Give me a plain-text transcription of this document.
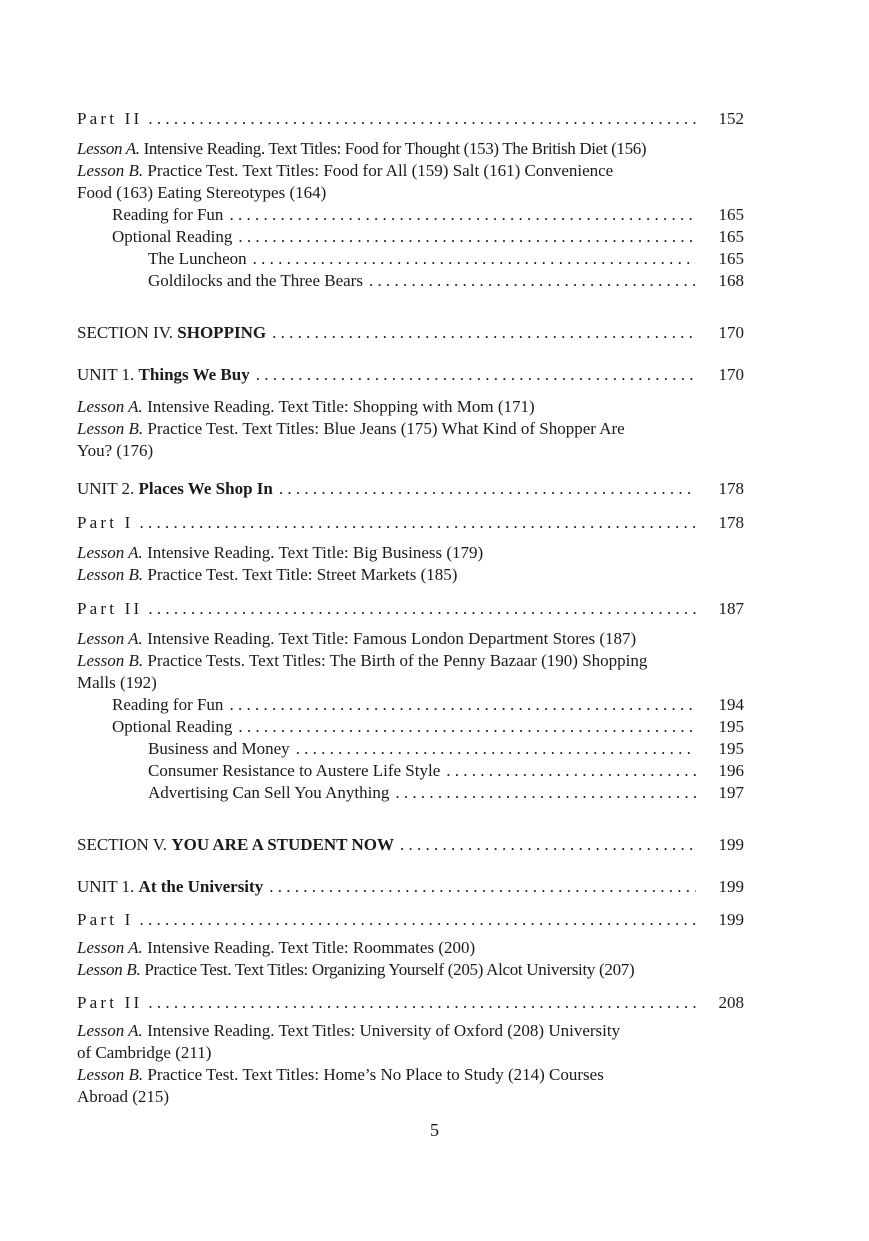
Part II . . .	152

Lesson A. Intensive Reading. Text Titles: Food for Thought (153) The British Diet (156)

Lesson B. Practice Test. Text Titles: Food for All (159) Salt (161) Convenience

Food (163) Eating Stereotypes (164)

Reading for Fun . . .	165
Optional Reading . . .	165
The Luncheon . . .	165
Goldilocks and the Three Bears . . .	168
SECTION IV. SHOPPING . . .	170
UNIT 1. Things We Buy . . .	170

Lesson A. Intensive Reading. Text Title: Shopping with Mom (171)

Lesson B. Practice Test. Text Titles: Blue Jeans (175) What Kind of Shopper Are

You? (176)

UNIT 2. Places We Shop In . . .	178
Part I . . .	178

Lesson A. Intensive Reading. Text Title: Big Business (179)

Lesson B. Practice Test. Text Title: Street Markets (185)

Part II . . .	187

Lesson A. Intensive Reading. Text Title: Famous London Department Stores (187)

Lesson B. Practice Tests. Text Titles: The Birth of the Penny Bazaar (190) Shopping

Malls (192)

Reading for Fun . . .	194
Optional Reading . . .	195
Business and Money . . .	195
Consumer Resistance to Austere Life Style . . .	196
Advertising Can Sell You Anything . . .	197
SECTION V. YOU ARE A STUDENT NOW . . .	199
UNIT 1. At the University . . .	199
Part I . . .	199

Lesson A. Intensive Reading. Text Title: Roommates (200)

Lesson B. Practice Test. Text Titles: Organizing Yourself (205) Alcot University (207)

Part II . . .	208

Lesson A. Intensive Reading. Text Titles: University of Oxford (208) University

of Cambridge (211)

Lesson B. Practice Test. Text Titles: Home’s No Place to Study (214) Courses

Abroad (215)

5
